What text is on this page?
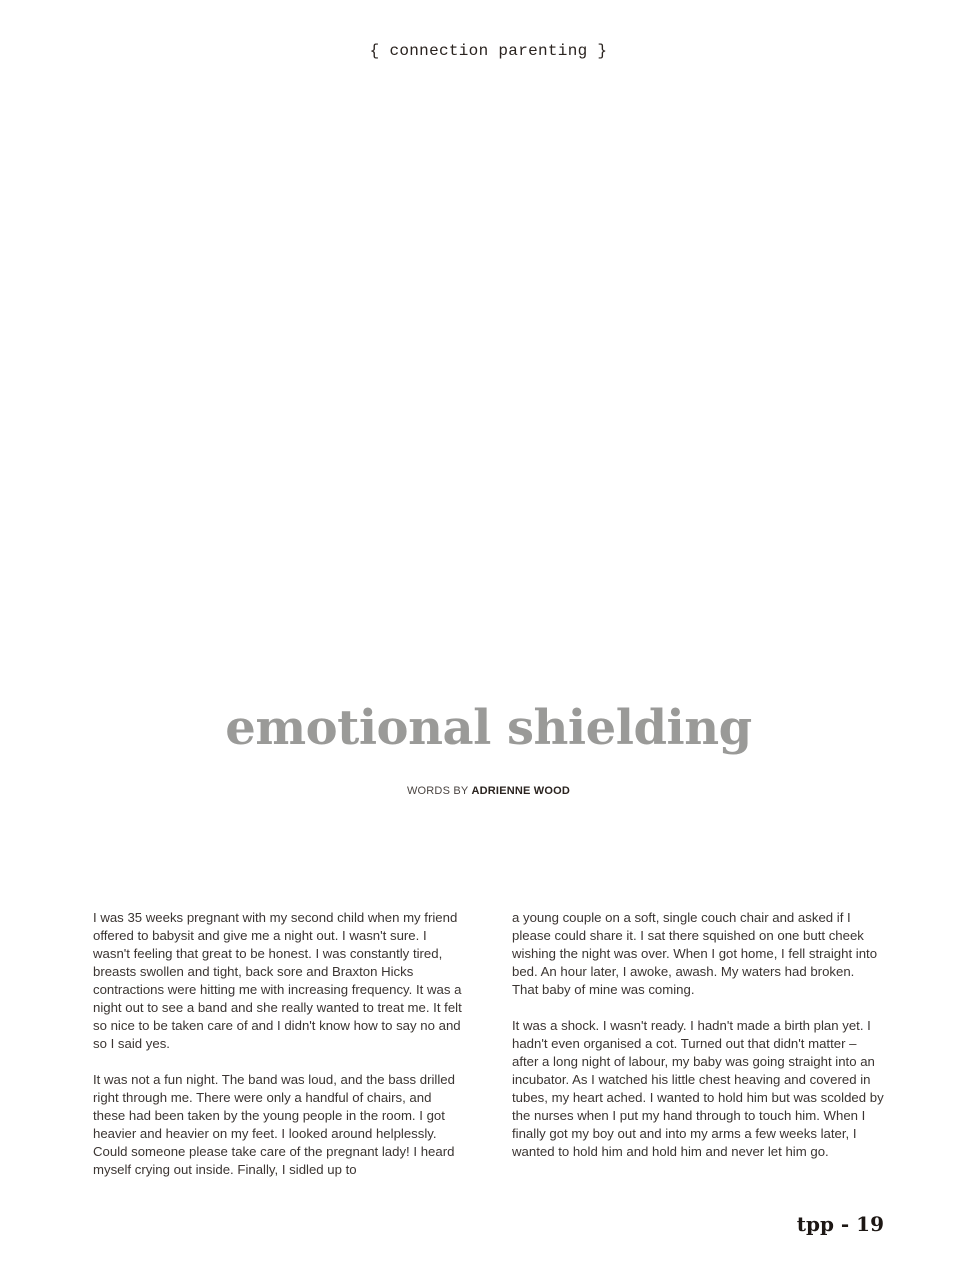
{ connection parenting }
emotional shielding
WORDS BY ADRIENNE WOOD

I was 35 weeks pregnant with my second child when my friend offered to babysit and give me a night out. I wasn't sure. I wasn't feeling that great to be honest. I was constantly tired, breasts swollen and tight, back sore and Braxton Hicks contractions were hitting me with increasing frequency. It was a night out to see a band and she really wanted to treat me. It felt so nice to be taken care of and I didn't know how to say no and so I said yes.

It was not a fun night. The band was loud, and the bass drilled right through me. There were only a handful of chairs, and these had been taken by the young people in the room. I got heavier and heavier on my feet. I looked around helplessly. Could someone please take care of the pregnant lady! I heard myself crying out inside. Finally, I sidled up to

a young couple on a soft, single couch chair and asked if I please could share it. I sat there squished on one butt cheek wishing the night was over. When I got home, I fell straight into bed. An hour later, I awoke, awash. My waters had broken. That baby of mine was coming.

It was a shock. I wasn't ready. I hadn't made a birth plan yet. I hadn't even organised a cot. Turned out that didn't matter – after a long night of labour, my baby was going straight into an incubator. As I watched his little chest heaving and covered in tubes, my heart ached. I wanted to hold him but was scolded by the nurses when I put my hand through to touch him. When I finally got my boy out and into my arms a few weeks later, I wanted to hold him and hold him and never let him go.

tpp - 19
